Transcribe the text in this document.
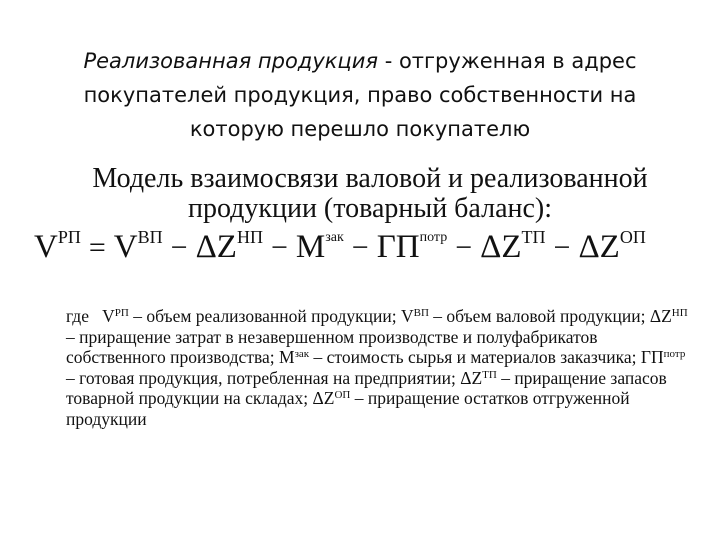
Реализованная продукция - отгруженная в адрес покупателей продукция, право собственности на которую перешло покупателю
Модель взаимосвязи валовой и реализованной
продукции (товарный баланс):
VРП = VВП − ΔZНП − Mзак − ГПпотр − ΔZТП − ΔZОП
где $V^{РП}$ – объем реализованной продукции; $V^{ВП}$ – объем валовой продукции; $\Delta Z^{НП}$ – приращение затрат в незавершенном производстве и полуфабрикатов собственного производства; $М^{зак}$ – стоимость сырья и материалов заказчика; $ГП^{потр}$ – готовая продукция, потребленная на предприятии; $\Delta Z^{ТП}$ – приращение запасов товарной продукции на складах; $\Delta Z^{ОП}$ – приращение остатков отгруженной продукции
